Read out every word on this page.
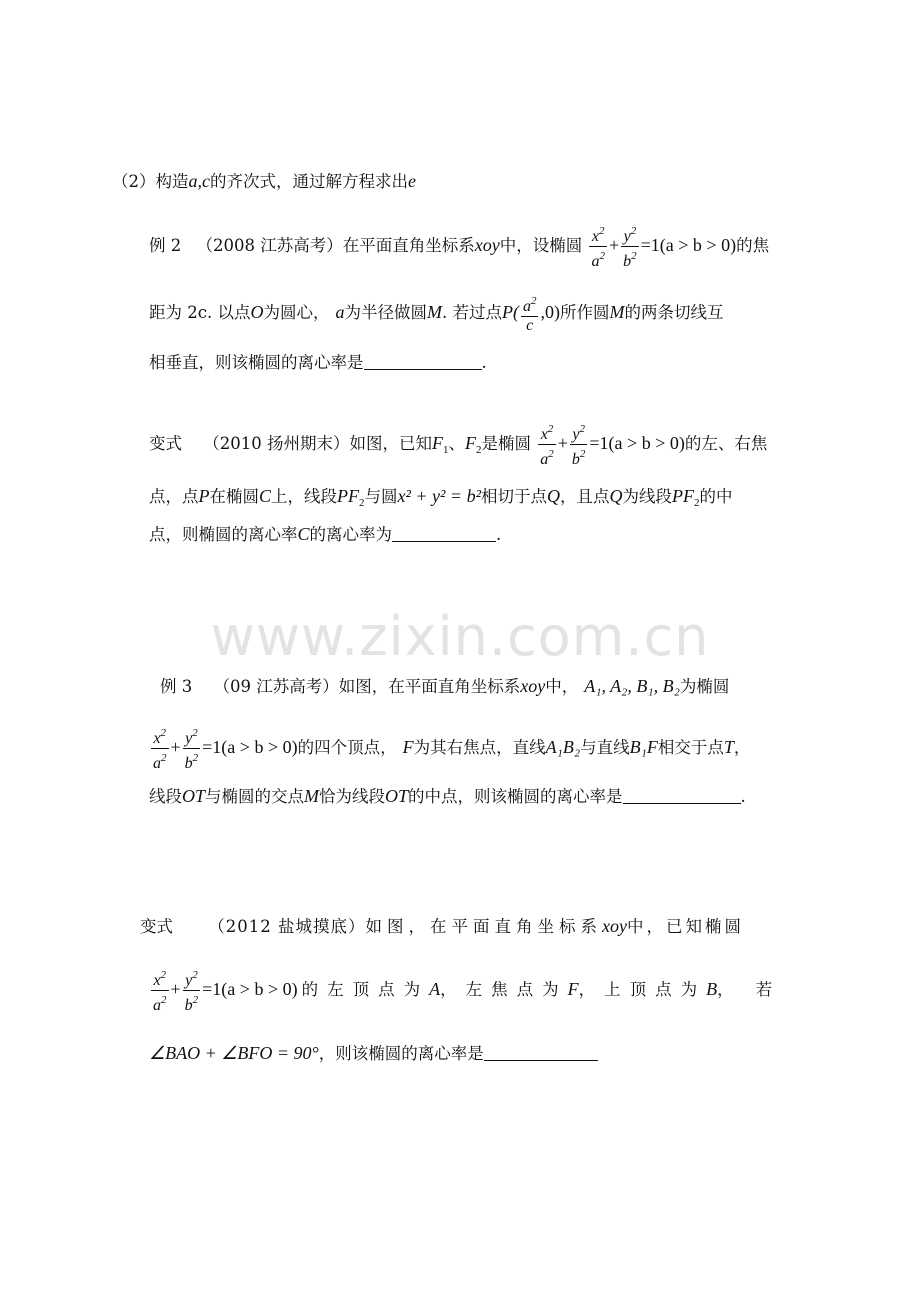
（2）构造a,c的齐次式，通过解方程求出e
例 2 （2008 江苏高考）在平面直角坐标系xoy中，设椭圆 $\frac{x^2}{a^2} + \frac{y^2}{b^2} =1(a > b > 0)$的焦
距为 2c. 以点O为圆心， a为半径做圆M. 若过点$P( \frac{a^2}{c} ,0)$所作圆M的两条切线互
相垂直，则该椭圆的离心率是	.
变式 （2010 扬州期末）如图，已知$F_1$、$F_2$是椭圆 $\frac{x^2}{a^2} + \frac{y^2}{b^2} =1(a > b > 0)$的左、右焦
点，点P在椭圆C上，线段$PF_2$与圆x² + y² = b²相切于点Q，且点Q为线段$PF_2$的中
点，则椭圆的离心率C的离心率为	.
www.zixin.com.cn
例 3 （09 江苏高考）如图，在平面直角坐标系xoy中， A₁, A₂, B₁, B₂为椭圆
$\frac{x^2}{a^2} + \frac{y^2}{b^2} =1(a > b > 0)$的四个顶点， F为其右焦点，直线A₁B₂与直线B₁F相交于点T，
线段OT与椭圆的交点M恰为线段OT的中点，则该椭圆的离心率是	.
变式 （2012 盐城摸底）如图，在平面直角坐标系xoy中，已知椭圆
$\frac{x^2}{a^2} + \frac{y^2}{b^2} =1(a > b > 0)$ 的左顶点为A，左焦点为F，上顶点为B，若
∠BAO + ∠BFO = 90°，则该椭圆的离心率是
